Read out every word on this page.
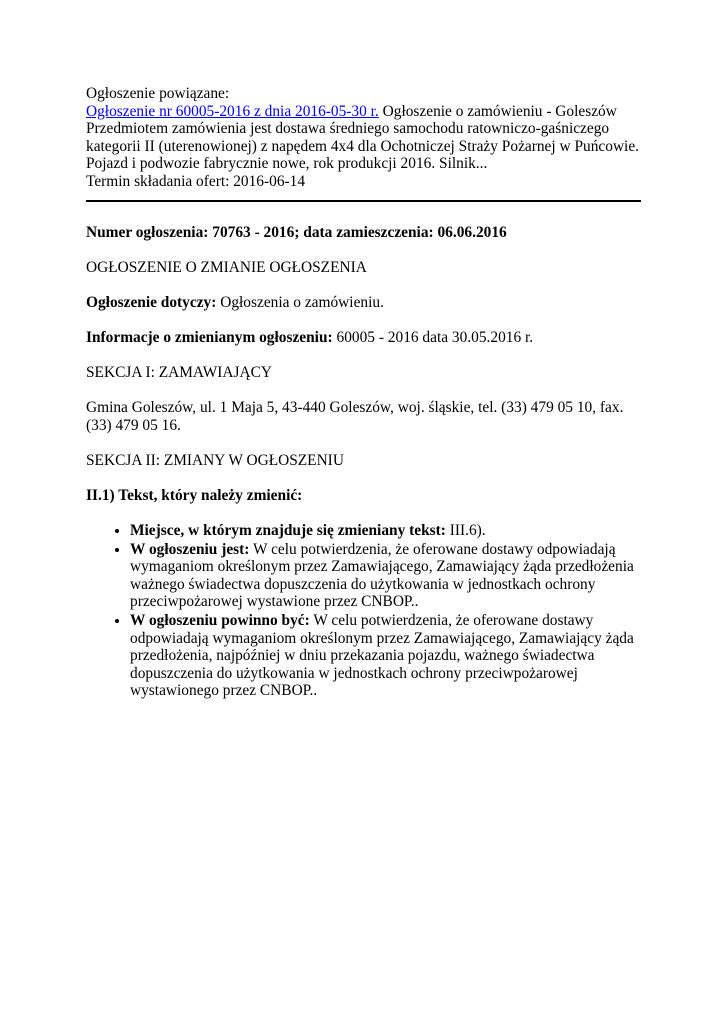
Ogłoszenie powiązane:
Ogłoszenie nr 60005-2016 z dnia 2016-05-30 r. Ogłoszenie o zamówieniu - Goleszów Przedmiotem zamówienia jest dostawa średniego samochodu ratowniczo-gaśniczego kategorii II (uterenowionej) z napędem 4x4 dla Ochotniczej Straży Pożarnej w Puńcowie. Pojazd i podwozie fabrycznie nowe, rok produkcji 2016. Silnik...
Termin składania ofert: 2016-06-14
Numer ogłoszenia: 70763 - 2016; data zamieszczenia: 06.06.2016

OGŁOSZENIE O ZMIANIE OGŁOSZENIA

Ogłoszenie dotyczy: Ogłoszenia o zamówieniu.

Informacje o zmienianym ogłoszeniu: 60005 - 2016 data 30.05.2016 r.

SEKCJA I: ZAMAWIAJĄCY

Gmina Goleszów, ul. 1 Maja 5, 43-440 Goleszów, woj. śląskie, tel. (33) 479 05 10, fax. (33) 479 05 16.

SEKCJA II: ZMIANY W OGŁOSZENIU

II.1) Tekst, który należy zmienić:

• Miejsce, w którym znajduje się zmieniany tekst: III.6).
• W ogłoszeniu jest: W celu potwierdzenia, że oferowane dostawy odpowiadają wymaganiom określonym przez Zamawiającego, Zamawiający żąda przedłożenia ważnego świadectwa dopuszczenia do użytkowania w jednostkach ochrony przeciwpożarowej wystawione przez CNBOP..
• W ogłoszeniu powinno być: W celu potwierdzenia, że oferowane dostawy odpowiadają wymaganiom określonym przez Zamawiającego, Zamawiający żąda przedłożenia, najpóźniej w dniu przekazania pojazdu, ważnego świadectwa dopuszczenia do użytkowania w jednostkach ochrony przeciwpożarowej wystawionego przez CNBOP..
